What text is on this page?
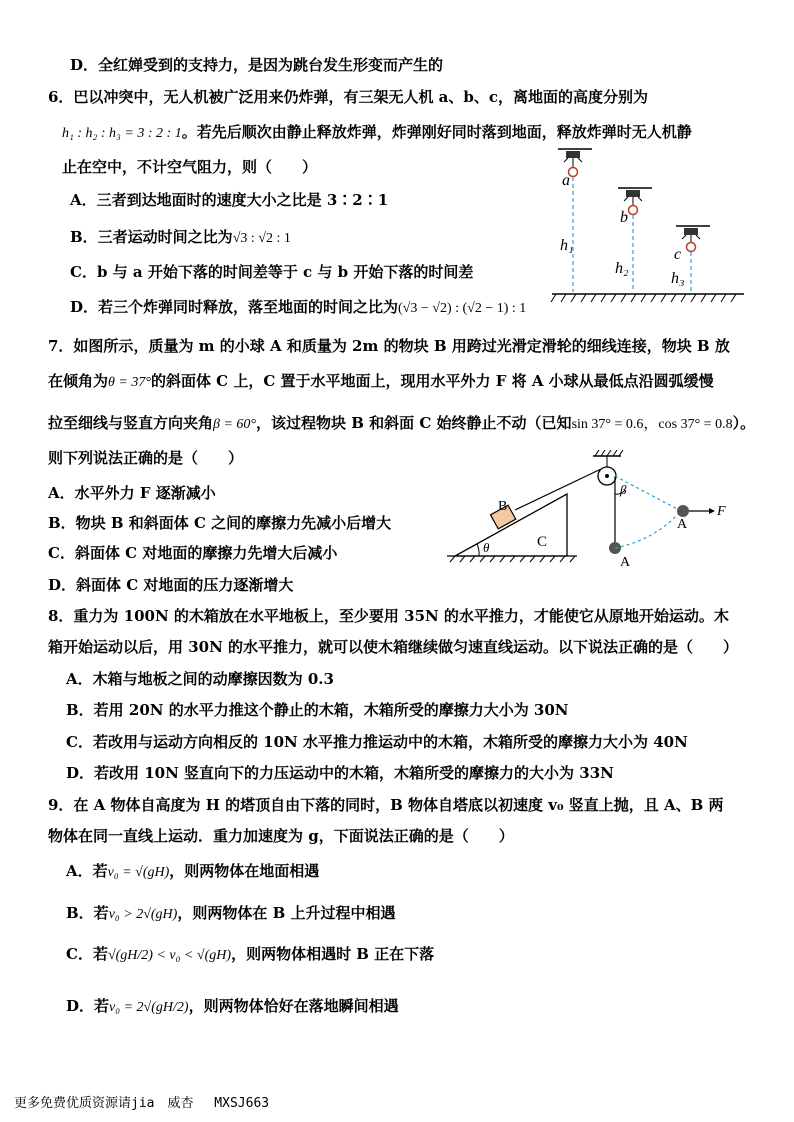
D．全红婵受到的支持力，是因为跳台发生形变而产生的
6．巴以冲突中，无人机被广泛用来仍炸弹，有三架无人机 a、b、c，离地面的高度分别为
h₁ : h₂ : h₃ = 3 : 2 : 1。若先后顺次由静止释放炸弹，炸弹刚好同时落到地面，释放炸弹时无人机静
止在空中，不计空气阻力，则（　　）
A．三者到达地面时的速度大小之比是 3∶2∶1
B．三者运动时间之比为√3 : √2 : 1
C．b 与 a 开始下落的时间差等于 c 与 b 开始下落的时间差
D．若三个炸弹同时释放，落至地面的时间之比为(√3 − √2) : (√2 − 1) : 1
a
h₁
b
h₂
c
h₃
7．如图所示，质量为 m 的小球 A 和质量为 2m 的物块 B 用跨过光滑定滑轮的细线连接，物块 B 放
在倾角为θ = 37°的斜面体 C 上，C 置于水平地面上，现用水平外力 F 将 A 小球从最低点沿圆弧缓慢
拉至细线与竖直方向夹角β = 60°，该过程物块 B 和斜面 C 始终静止不动（已知sin 37° = 0.6，cos 37° = 0.8）。
则下列说法正确的是（　　）
A．水平外力 F 逐渐减小
B．物块 B 和斜面体 C 之间的摩擦力先减小后增大
C．斜面体 C 对地面的摩擦力先增大后减小
D．斜面体 C 对地面的压力逐渐增大
θ	C
B
A
β
A
F
8．重力为 100N 的木箱放在水平地板上，至少要用 35N 的水平推力，才能使它从原地开始运动。木
箱开始运动以后，用 30N 的水平推力，就可以使木箱继续做匀速直线运动。以下说法正确的是（　　）
A．木箱与地板之间的动摩擦因数为 0.3
B．若用 20N 的水平力推这个静止的木箱，木箱所受的摩擦力大小为 30N
C．若改用与运动方向相反的 10N 水平推力推运动中的木箱，木箱所受的摩擦力大小为 40N
D．若改用 10N 竖直向下的力压运动中的木箱，木箱所受的摩擦力的大小为 33N
9．在 A 物体自高度为 H 的塔顶自由下落的同时，B 物体自塔底以初速度 v₀ 竖直上抛，且 A、B 两
物体在同一直线上运动．重力加速度为 g，下面说法正确的是（　　）
A．若v₀ = √(gH)，则两物体在地面相遇
B．若v₀ > 2√(gH)，则两物体在 B 上升过程中相遇
C．若√(gH/2) < v₀ < √(gH)，则两物体相遇时 B 正在下落
D．若v₀ = 2√(gH/2)，则两物体恰好在落地瞬间相遇
更多免费优质资源请jia　威杏　 MXSJ663
